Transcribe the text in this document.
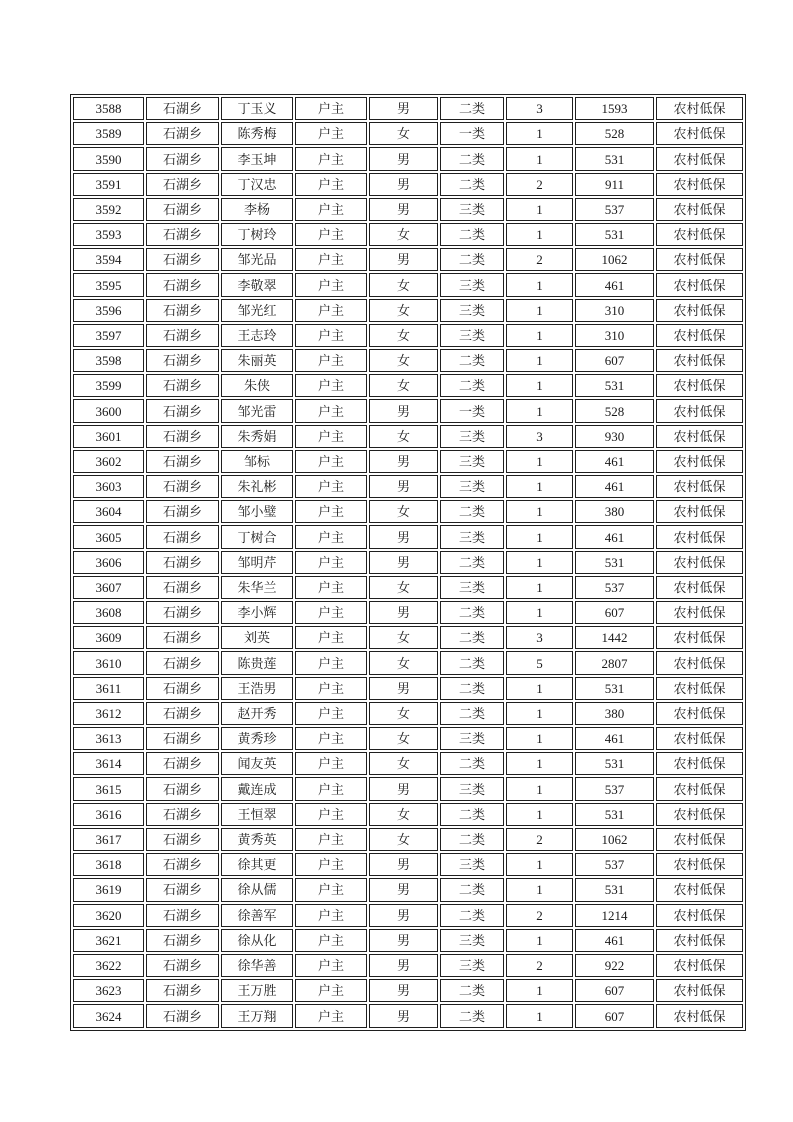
3588	石湖乡	丁玉义	户主	男	二类	3	1593	农村低保
3589	石湖乡	陈秀梅	户主	女	一类	1	528	农村低保
3590	石湖乡	李玉坤	户主	男	二类	1	531	农村低保
3591	石湖乡	丁汉忠	户主	男	二类	2	911	农村低保
3592	石湖乡	李杨	户主	男	三类	1	537	农村低保
3593	石湖乡	丁树玲	户主	女	二类	1	531	农村低保
3594	石湖乡	邹光品	户主	男	二类	2	1062	农村低保
3595	石湖乡	李敬翠	户主	女	三类	1	461	农村低保
3596	石湖乡	邹光红	户主	女	三类	1	310	农村低保
3597	石湖乡	王志玲	户主	女	三类	1	310	农村低保
3598	石湖乡	朱丽英	户主	女	二类	1	607	农村低保
3599	石湖乡	朱侠	户主	女	二类	1	531	农村低保
3600	石湖乡	邹光雷	户主	男	一类	1	528	农村低保
3601	石湖乡	朱秀娟	户主	女	三类	3	930	农村低保
3602	石湖乡	邹标	户主	男	三类	1	461	农村低保
3603	石湖乡	朱礼彬	户主	男	三类	1	461	农村低保
3604	石湖乡	邹小璧	户主	女	二类	1	380	农村低保
3605	石湖乡	丁树合	户主	男	三类	1	461	农村低保
3606	石湖乡	邹明芹	户主	男	二类	1	531	农村低保
3607	石湖乡	朱华兰	户主	女	三类	1	537	农村低保
3608	石湖乡	李小辉	户主	男	二类	1	607	农村低保
3609	石湖乡	刘英	户主	女	二类	3	1442	农村低保
3610	石湖乡	陈贵莲	户主	女	二类	5	2807	农村低保
3611	石湖乡	王浩男	户主	男	二类	1	531	农村低保
3612	石湖乡	赵开秀	户主	女	二类	1	380	农村低保
3613	石湖乡	黄秀珍	户主	女	三类	1	461	农村低保
3614	石湖乡	闻友英	户主	女	二类	1	531	农村低保
3615	石湖乡	戴连成	户主	男	三类	1	537	农村低保
3616	石湖乡	王恒翠	户主	女	二类	1	531	农村低保
3617	石湖乡	黄秀英	户主	女	二类	2	1062	农村低保
3618	石湖乡	徐其更	户主	男	三类	1	537	农村低保
3619	石湖乡	徐从儒	户主	男	二类	1	531	农村低保
3620	石湖乡	徐善军	户主	男	二类	2	1214	农村低保
3621	石湖乡	徐从化	户主	男	三类	1	461	农村低保
3622	石湖乡	徐华善	户主	男	三类	2	922	农村低保
3623	石湖乡	王万胜	户主	男	二类	1	607	农村低保
3624	石湖乡	王万翔	户主	男	二类	1	607	农村低保
